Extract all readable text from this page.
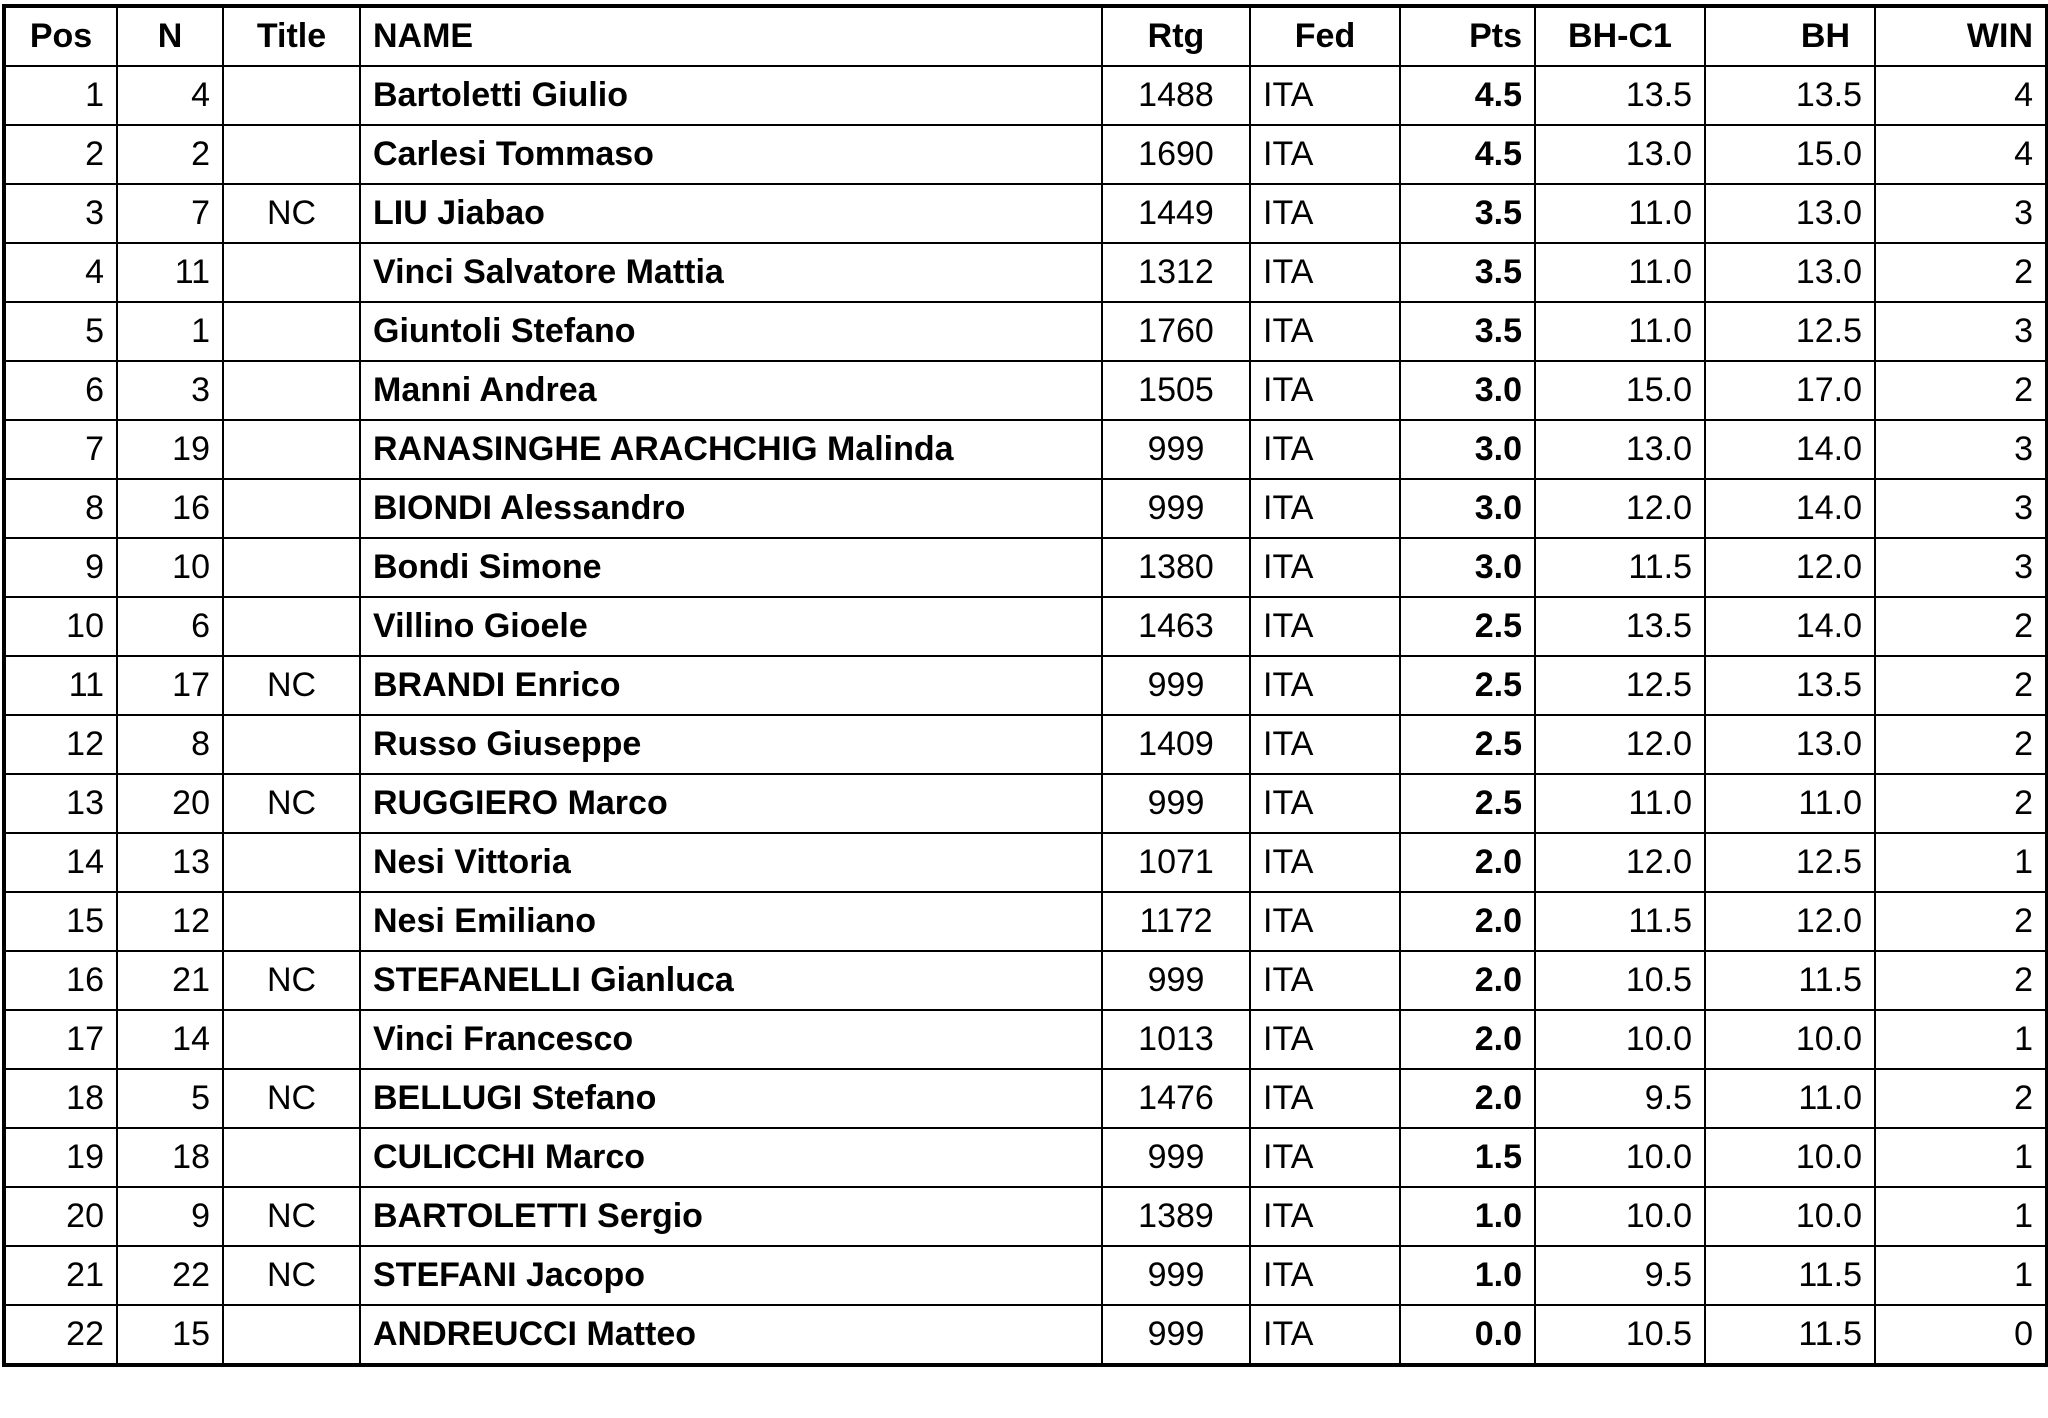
Pos	N	Title	NAME	Rtg	Fed	Pts	BH-C1	BH	WIN
1	4		Bartoletti Giulio	1488	ITA	4.5	13.5	13.5	4
2	2		Carlesi Tommaso	1690	ITA	4.5	13.0	15.0	4
3	7	NC	LIU Jiabao	1449	ITA	3.5	11.0	13.0	3
4	11		Vinci Salvatore Mattia	1312	ITA	3.5	11.0	13.0	2
5	1		Giuntoli Stefano	1760	ITA	3.5	11.0	12.5	3
6	3		Manni Andrea	1505	ITA	3.0	15.0	17.0	2
7	19		RANASINGHE ARACHCHIG Malinda	999	ITA	3.0	13.0	14.0	3
8	16		BIONDI Alessandro	999	ITA	3.0	12.0	14.0	3
9	10		Bondi Simone	1380	ITA	3.0	11.5	12.0	3
10	6		Villino Gioele	1463	ITA	2.5	13.5	14.0	2
11	17	NC	BRANDI Enrico	999	ITA	2.5	12.5	13.5	2
12	8		Russo Giuseppe	1409	ITA	2.5	12.0	13.0	2
13	20	NC	RUGGIERO Marco	999	ITA	2.5	11.0	11.0	2
14	13		Nesi Vittoria	1071	ITA	2.0	12.0	12.5	1
15	12		Nesi Emiliano	1172	ITA	2.0	11.5	12.0	2
16	21	NC	STEFANELLI Gianluca	999	ITA	2.0	10.5	11.5	2
17	14		Vinci Francesco	1013	ITA	2.0	10.0	10.0	1
18	5	NC	BELLUGI Stefano	1476	ITA	2.0	9.5	11.0	2
19	18		CULICCHI Marco	999	ITA	1.5	10.0	10.0	1
20	9	NC	BARTOLETTI Sergio	1389	ITA	1.0	10.0	10.0	1
21	22	NC	STEFANI Jacopo	999	ITA	1.0	9.5	11.5	1
22	15		ANDREUCCI Matteo	999	ITA	0.0	10.5	11.5	0
